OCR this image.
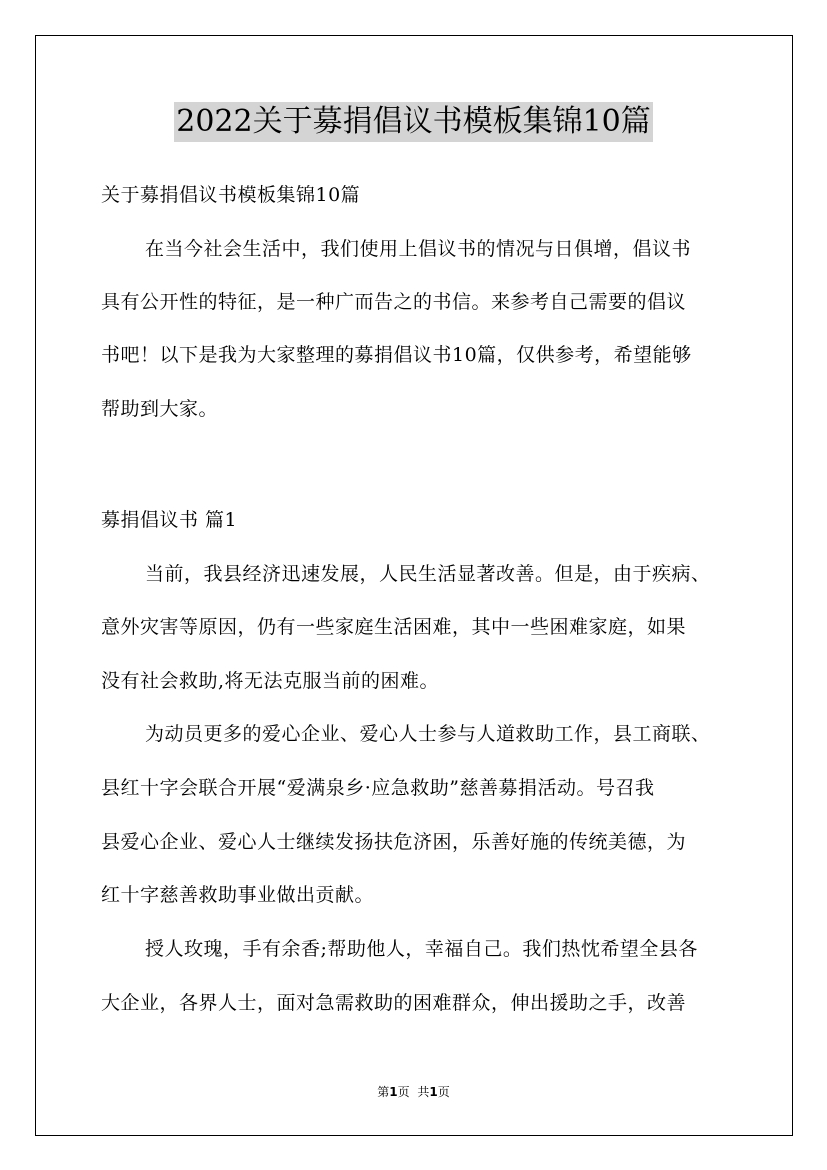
2022关于募捐倡议书模板集锦10篇
关于募捐倡议书模板集锦10篇
在当今社会生活中，我们使用上倡议书的情况与日俱增，倡议书
具有公开性的特征，是一种广而告之的书信。来参考自己需要的倡议
书吧！以下是我为大家整理的募捐倡议书10篇，仅供参考，希望能够
帮助到大家。
募捐倡议书 篇1
当前，我县经济迅速发展，人民生活显著改善。但是，由于疾病、
意外灾害等原因，仍有一些家庭生活困难，其中一些困难家庭，如果
没有社会救助,将无法克服当前的困难。
为动员更多的爱心企业、爱心人士参与人道救助工作，县工商联、
县红十字会联合开展“爱满泉乡·应急救助”慈善募捐活动。号召我
县爱心企业、爱心人士继续发扬扶危济困，乐善好施的传统美德，为
红十字慈善救助事业做出贡献。
授人玫瑰，手有余香;帮助他人，幸福自己。我们热忱希望全县各
大企业，各界人士，面对急需救助的困难群众，伸出援助之手，改善
第1页 共1页
